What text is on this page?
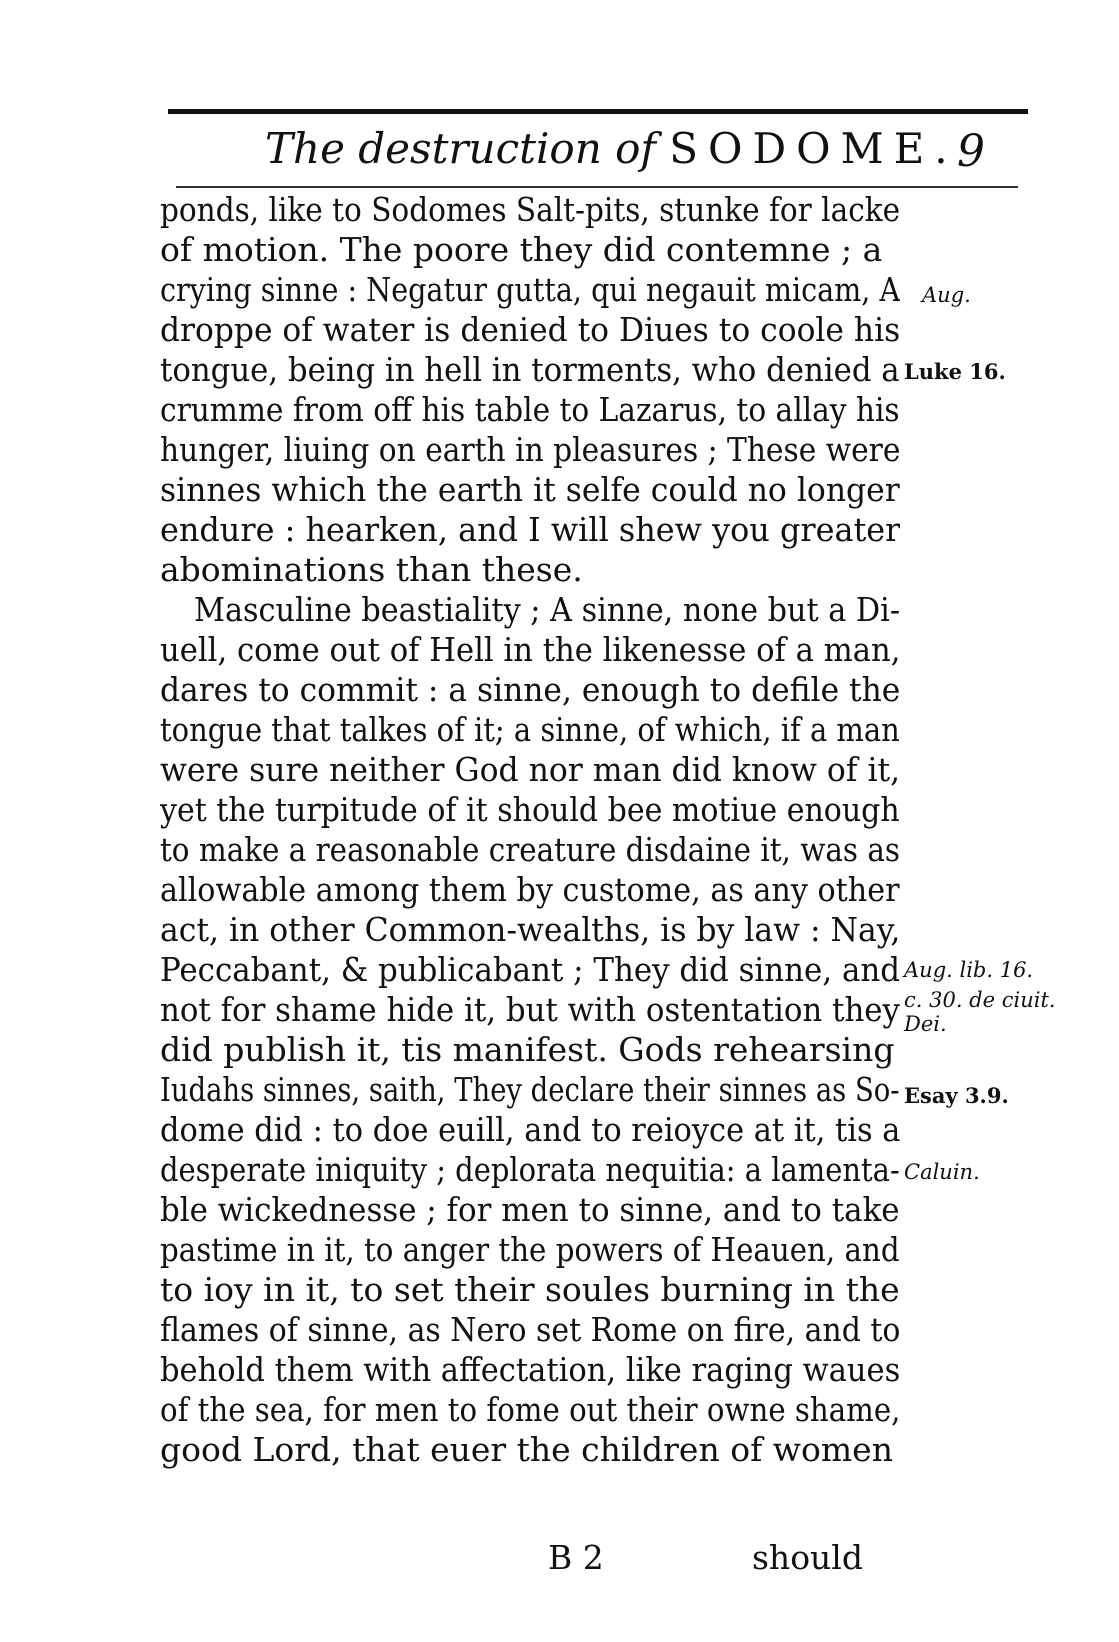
The destruction of SODOME. 9
ponds, like to Sodomes Salt-pits, stunke for lacke
of motion. The poore they did contemne ; a
crying sinne : Negatur gutta, qui negauit micam, A
droppe of water is denied to Diues to coole his
tongue, being in hell in torments, who denied a
crumme from off his table to Lazarus, to allay his
hunger, liuing on earth in pleasures ; These were
sinnes which the earth it selfe could no longer
endure : hearken, and I will shew you greater
abominations than these.
Masculine beastiality ; A sinne, none but a Di-
uell, come out of Hell in the likenesse of a man,
dares to commit : a sinne, enough to defile the
tongue that talkes of it; a sinne, of which, if a man
were sure neither God nor man did know of it,
yet the turpitude of it should bee motiue enough
to make a reasonable creature disdaine it, was as
allowable among them by custome, as any other
act, in other Common-wealths, is by law : Nay,
Peccabant, & publicabant ; They did sinne, and
not for shame hide it, but with ostentation they
did publish it, tis manifest. Gods rehearsing
Iudahs sinnes, saith, They declare their sinnes as So-
dome did : to doe euill, and to reioyce at it, tis a
desperate iniquity ; deplorata nequitia: a lamenta-
ble wickednesse ; for men to sinne, and to take
pastime in it, to anger the powers of Heauen, and
to ioy in it, to set their soules burning in the
flames of sinne, as Nero set Rome on fire, and to
behold them with affectation, like raging waues
of the sea, for men to fome out their owne shame,
good Lord, that euer the children of women
Aug.
Luke 16.
Aug. lib. 16.
c. 30. de ciuit.
Dei.
Esay 3.9.
Caluin.
B 2	should
